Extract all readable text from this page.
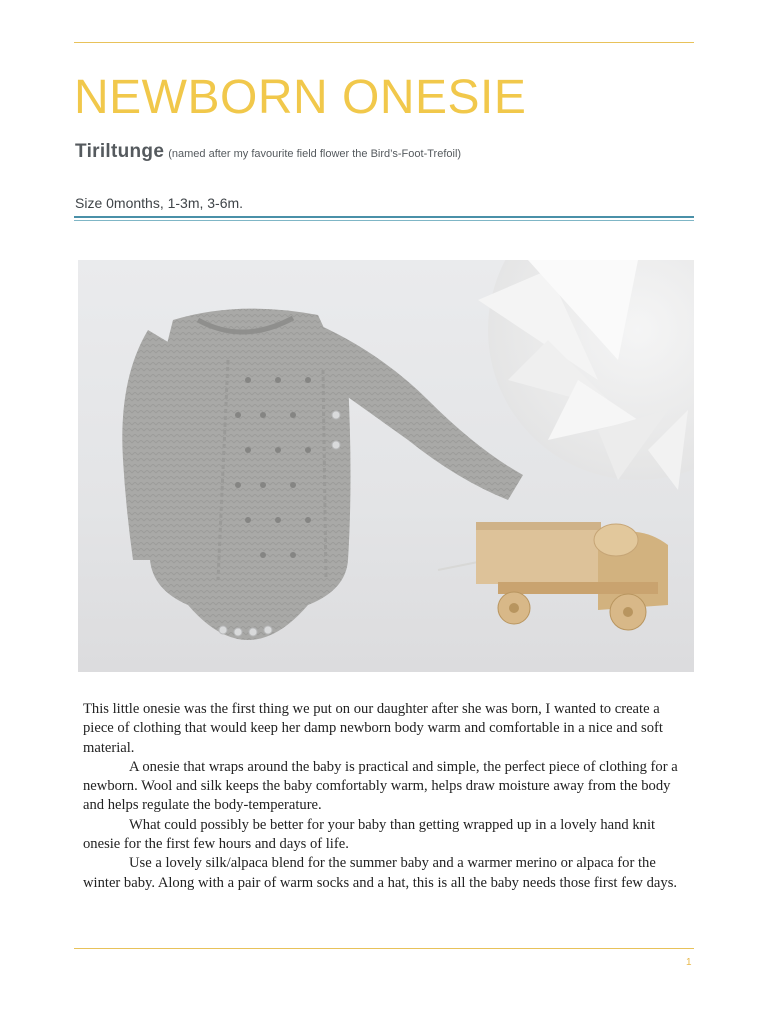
NEWBORN ONESIE
Tiriltunge (named after my favourite field flower the Bird’s-Foot-Trefoil)
Size 0months, 1-3m, 3-6m.

This little onesie was the first thing we put on our daughter after she was born, I wanted to create a piece of clothing that would keep her damp newborn body warm and comfortable in a nice and soft material.

A onesie that wraps around the baby is practical and simple, the perfect piece of clothing for a newborn. Wool and silk keeps the baby comfortably warm, helps draw moisture away from the body and helps regulate the body-temperature.

What could possibly be better for your baby than getting wrapped up in a lovely hand knit onesie for the first few hours and days of life.

Use a lovely silk/alpaca blend for the summer baby and a warmer merino or alpaca for the winter baby. Along with a pair of warm socks and a hat, this is all the baby needs those first few days.

1
